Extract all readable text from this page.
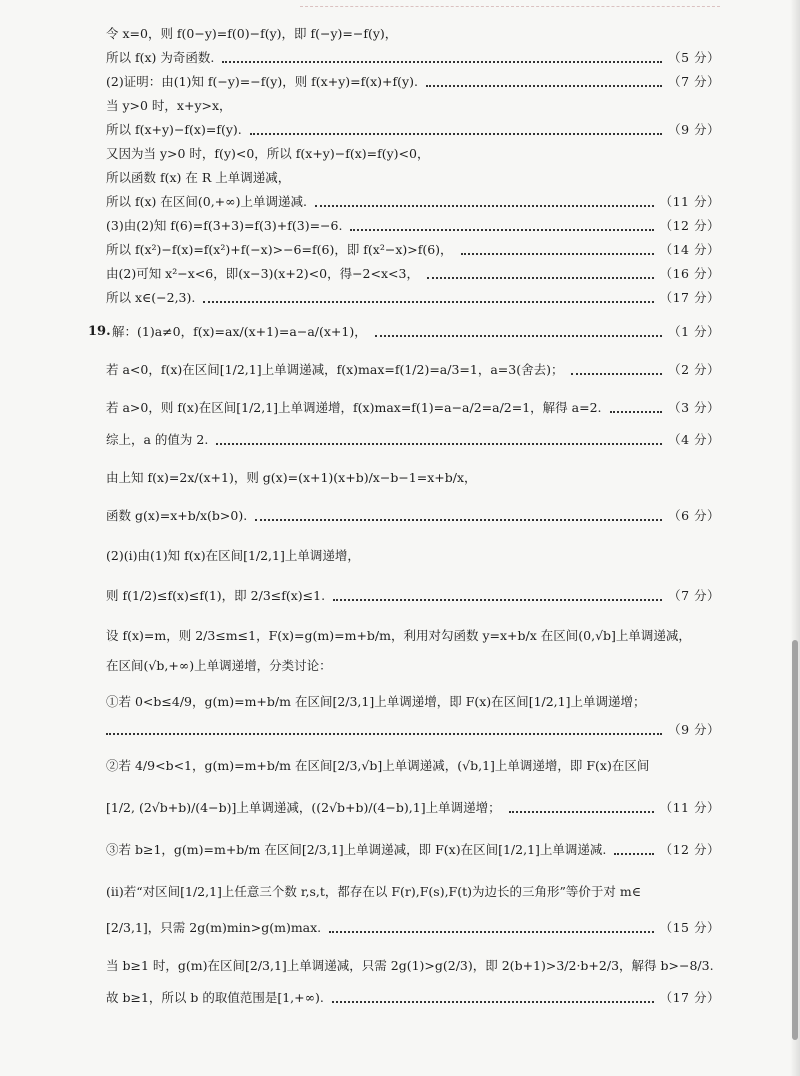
令 x=0，则 f(0−y)=f(0)−f(y)，即 f(−y)=−f(y)，
所以 f(x) 为奇函数.	（5 分）
(2)证明：由(1)知 f(−y)=−f(y)，则 f(x+y)=f(x)+f(y).	（7 分）
当 y>0 时，x+y>x，
所以 f(x+y)−f(x)=f(y).	（9 分）
又因为当 y>0 时，f(y)<0，所以 f(x+y)−f(x)=f(y)<0，
所以函数 f(x) 在 R 上单调递减，
所以 f(x) 在区间(0,+∞)上单调递减.	（11 分）
(3)由(2)知 f(6)=f(3+3)=f(3)+f(3)=−6.	（12 分）
所以 f(x²)−f(x)=f(x²)+f(−x)>−6=f(6)，即 f(x²−x)>f(6)，	（14 分）
由(2)可知 x²−x<6，即(x−3)(x+2)<0，得−2<x<3，	（16 分）
所以 x∈(−2,3).	（17 分）
19. 解：(1)a≠0，f(x)=ax/(x+1)=a−a/(x+1)，	（1 分）
若 a<0，f(x)在区间[1/2,1]上单调递减，f(x)max=f(1/2)=a/3=1，a=3(舍去)；	（2 分）
若 a>0，则 f(x)在区间[1/2,1]上单调递增，f(x)max=f(1)=a−a/2=a/2=1，解得 a=2.	（3 分）
综上，a 的值为 2.	（4 分）
由上知 f(x)=2x/(x+1)，则 g(x)=(x+1)(x+b)/x−b−1=x+b/x，
函数 g(x)=x+b/x(b>0).	（6 分）
(2)(i)由(1)知 f(x)在区间[1/2,1]上单调递增，
则 f(1/2)≤f(x)≤f(1)，即 2/3≤f(x)≤1.	（7 分）
设 f(x)=m，则 2/3≤m≤1，F(x)=g(m)=m+b/m，利用对勾函数 y=x+b/x 在区间(0,√b]上单调递减，
在区间(√b,+∞)上单调递增，分类讨论：
①若 0<b≤4/9，g(m)=m+b/m 在区间[2/3,1]上单调递增，即 F(x)在区间[1/2,1]上单调递增；
（9 分）
②若 4/9<b<1，g(m)=m+b/m 在区间[2/3,√b]上单调递减，(√b,1]上单调递增，即 F(x)在区间
[1/2, (2√b+b)/(4−b)]上单调递减，((2√b+b)/(4−b),1]上单调递增；	（11 分）
③若 b≥1，g(m)=m+b/m 在区间[2/3,1]上单调递减，即 F(x)在区间[1/2,1]上单调递减.	（12 分）
(ii)若“对区间[1/2,1]上任意三个数 r,s,t，都存在以 F(r),F(s),F(t)为边长的三角形”等价于对 m∈
[2/3,1]，只需 2g(m)min>g(m)max.	（15 分）
当 b≥1 时，g(m)在区间[2/3,1]上单调递减，只需 2g(1)>g(2/3)，即 2(b+1)>3/2·b+2/3，解得 b>−8/3.
故 b≥1，所以 b 的取值范围是[1,+∞).	（17 分）
